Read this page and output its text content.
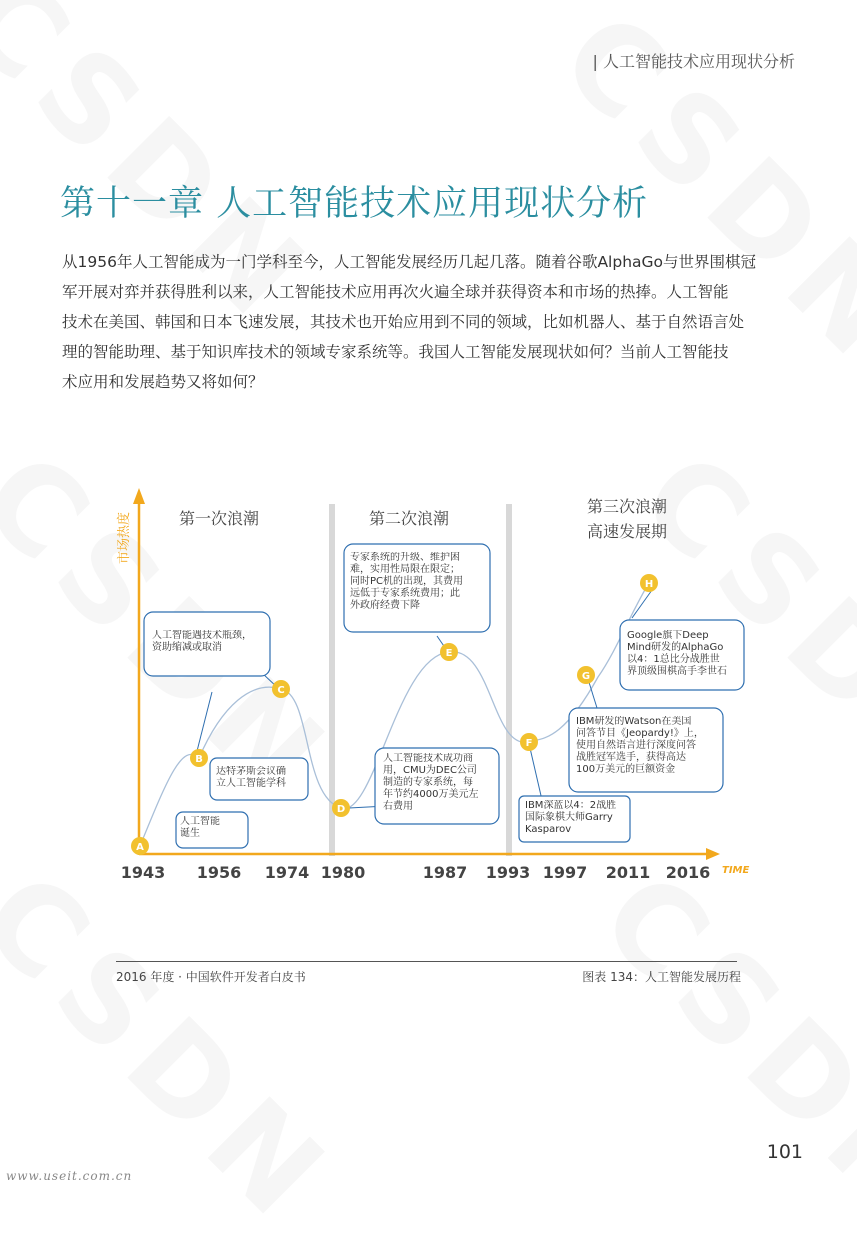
| 人工智能技术应用现状分析
第十一章 人工智能技术应用现状分析
从1956年人工智能成为一门学科至今，人工智能发展经历几起几落。随着谷歌AlphaGo与世界围棋冠
军开展对弈并获得胜利以来，人工智能技术应用再次火遍全球并获得资本和市场的热捧。人工智能
技术在美国、韩国和日本飞速发展，其技术也开始应用到不同的领域，比如机器人、基于自然语言处
理的智能助理、基于知识库技术的领域专家系统等。我国人工智能发展现状如何？当前人工智能技
术应用和发展趋势又将如何？
市场热度
TIME
第一次浪潮	第二次浪潮
第三次浪潮
高速发展期
1943 1956 1974 1980	1987 1993 1997 2011 2016
人工智能
诞生
达特茅斯会议确
立人工智能学科
人工智能遇技术瓶颈，
资助缩减或取消
人工智能技术成功商
用，CMU为DEC公司
制造的专家系统，每
年节约4000万美元左
右费用
专家系统的升级、维护困
难，实用性局限在限定；
同时PC机的出现，其费用
远低于专家系统费用；此
外政府经费下降
IBM深蓝以4：2战胜
国际象棋大师Garry
Kasparov
IBM研发的Watson在美国
问答节目《Jeopardy!》上，
使用自然语言进行深度问答
战胜冠军选手，获得高达
100万美元的巨额资金
Google旗下Deep
Mind研发的AlphaGo
以4：1总比分战胜世
界顶级围棋高手李世石
A
B
C
D
E
F
G
H
2016 年度 · 中国软件开发者白皮书	图表 134：人工智能发展历程
101
www.useit.com.cn
